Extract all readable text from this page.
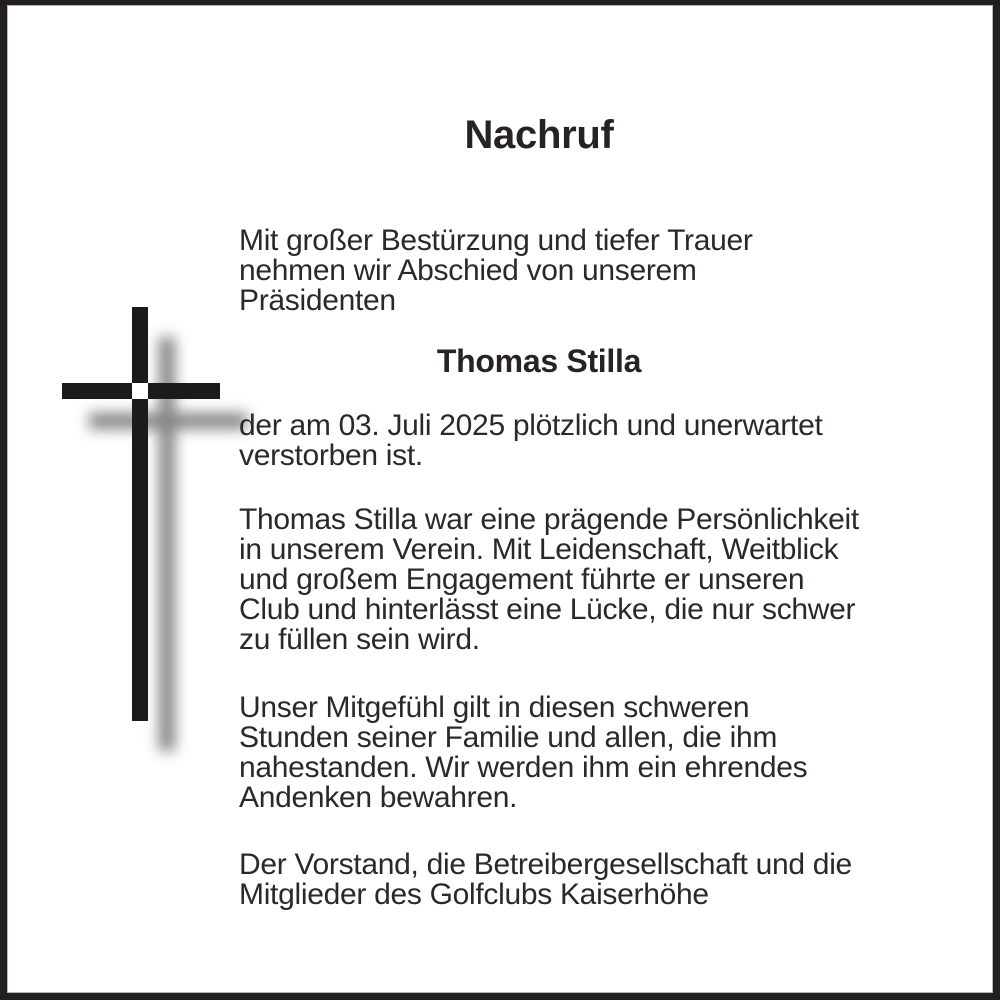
Nachruf
Mit großer Bestürzung und tiefer Trauer
nehmen wir Abschied von unserem
Präsidenten
Thomas Stilla
der am 03. Juli 2025 plötzlich und unerwartet
verstorben ist.
Thomas Stilla war eine prägende Persönlichkeit
in unserem Verein. Mit Leidenschaft, Weitblick
und großem Engagement führte er unseren
Club und hinterlässt eine Lücke, die nur schwer
zu füllen sein wird.
Unser Mitgefühl gilt in diesen schweren
Stunden seiner Familie und allen, die ihm
nahestanden. Wir werden ihm ein ehrendes
Andenken bewahren.
Der Vorstand, die Betreibergesellschaft und die
Mitglieder des Golfclubs Kaiserhöhe
